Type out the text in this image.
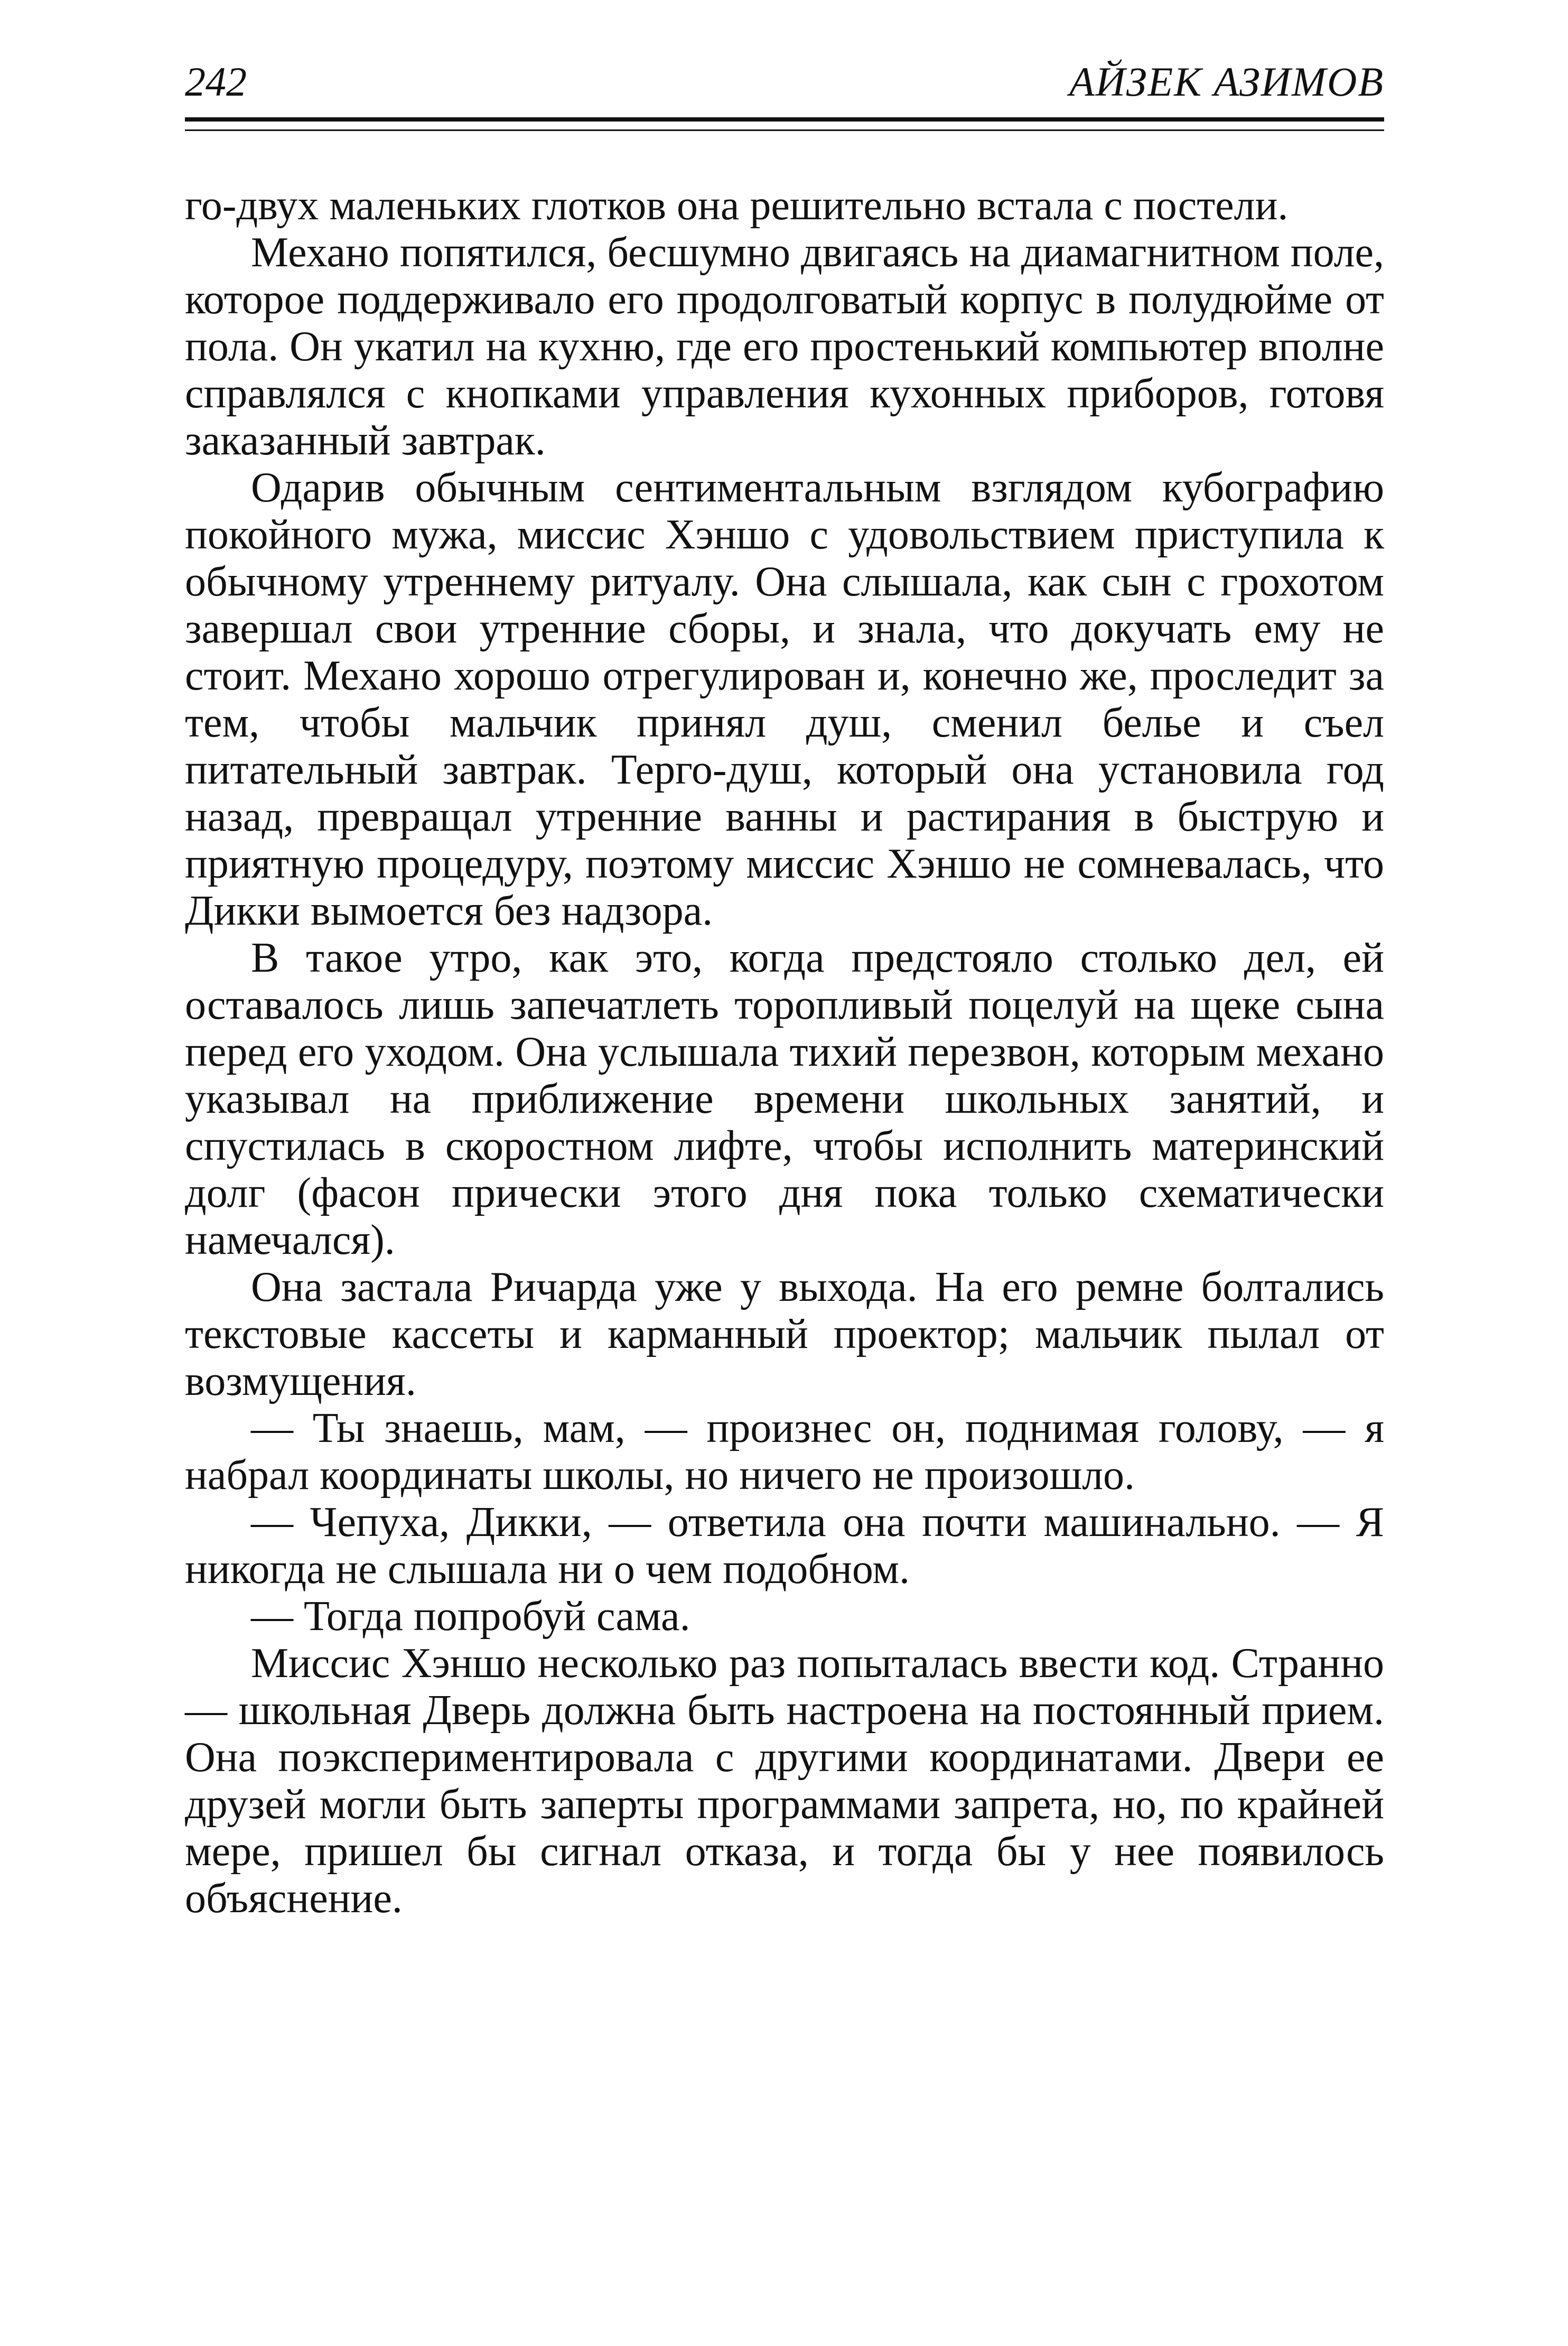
242	АЙЗЕК АЗИМОВ

го-двух маленьких глотков она решительно встала с постели.

Механо попятился, бесшумно двигаясь на диамагнитном поле, которое поддерживало его продолговатый корпус в полудюйме от пола. Он укатил на кухню, где его простенький компьютер вполне справлялся с кнопками управления кухонных приборов, готовя заказанный завтрак.

Одарив обычным сентиментальным взглядом кубографию покойного мужа, миссис Хэншо с удовольствием приступила к обычному утреннему ритуалу. Она слышала, как сын с грохотом завершал свои утренние сборы, и знала, что докучать ему не стоит. Механо хорошо отрегулирован и, конечно же, проследит за тем, чтобы мальчик принял душ, сменил белье и съел питательный завтрак. Терго-душ, который она установила год назад, превращал утренние ванны и растирания в быструю и приятную процедуру, поэтому миссис Хэншо не сомневалась, что Дикки вымоется без надзора.

В такое утро, как это, когда предстояло столько дел, ей оставалось лишь запечатлеть торопливый поцелуй на щеке сына перед его уходом. Она услышала тихий перезвон, которым механо указывал на приближение времени школьных занятий, и спустилась в скоростном лифте, чтобы исполнить материнский долг (фасон прически этого дня пока только схематически намечался).

Она застала Ричарда уже у выхода. На его ремне болтались текстовые кассеты и карманный проектор; мальчик пылал от возмущения.

— Ты знаешь, мам, — произнес он, поднимая голову, — я набрал координаты школы, но ничего не произошло.

— Чепуха, Дикки, — ответила она почти машинально. — Я никогда не слышала ни о чем подобном.

— Тогда попробуй сама.

Миссис Хэншо несколько раз попыталась ввести код. Странно — школьная Дверь должна быть настроена на постоянный прием. Она поэкспериментировала с другими координатами. Двери ее друзей могли быть заперты программами запрета, но, по крайней мере, пришел бы сигнал отказа, и тогда бы у нее появилось объяснение.
